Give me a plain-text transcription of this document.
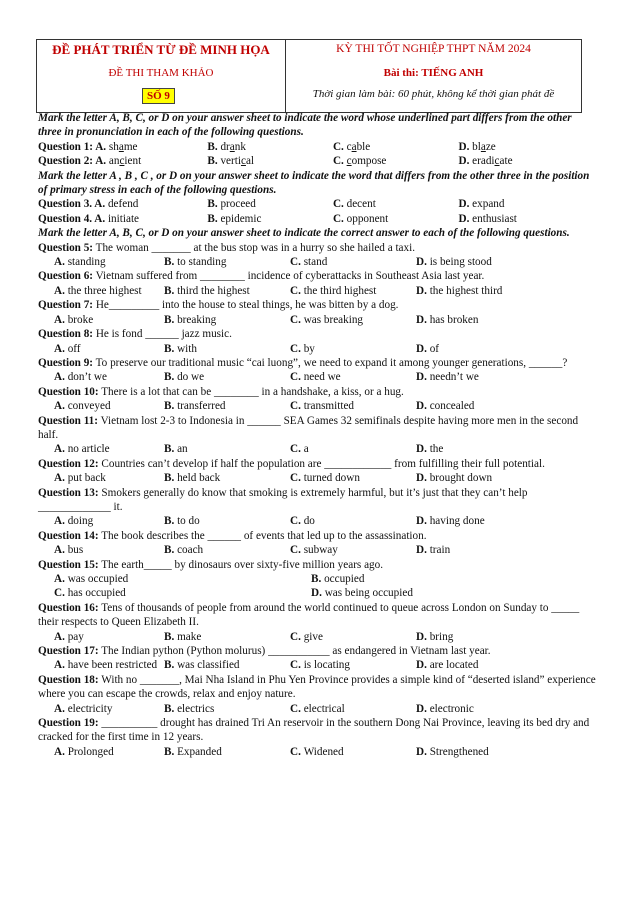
ĐỀ PHÁT TRIỂN TỪ ĐỀ MINH HỌA
ĐỀ THI THAM KHẢO
SỐ 9
KỲ THI TỐT NGHIỆP THPT NĂM 2024
Bài thi: TIẾNG ANH
Thời gian làm bài: 60 phút, không kể thời gian phát đề
Mark the letter A, B, C, or D on your answer sheet to indicate the word whose underlined part differs from the other three in pronunciation in each of the following questions.
Question 1: A. shame	B. drank	C. cable	D. blaze
Question 2: A. ancient	B. vertical	C. compose	D. eradicate
Mark the letter A , B , C , or D on your answer sheet to indicate the word that differs from the other three in the position of primary stress in each of the following questions.
Question 3. A. defend	B. proceed	C. decent	D. expand
Question 4. A. initiate	B. epidemic	C. opponent	D. enthusiast
Mark the letter A, B, C, or D on your answer sheet to indicate the correct answer to each of the following questions.
Question 5: The woman _______ at the bus stop was in a hurry so she hailed a taxi.
A. standing	B. to standing	C. stand	D. is being stood
Question 6: Vietnam suffered from ________ incidence of cyberattacks in Southeast Asia last year.
A. the three highest	B. third the highest	C. the third highest	D. the highest third
Question 7: He_________ into the house to steal things, he was bitten by a dog.
A. broke	B. breaking	C. was breaking	D. has broken
Question 8: He is fond ______ jazz music.
A. off	B. with	C. by	D. of
Question 9: To preserve our traditional music “cai luong”, we need to expand it among younger generations, ______?
A. don’t we	B. do we	C. need we	D. needn’t we
Question 10: There is a lot that can be ________ in a handshake, a kiss, or a hug.
A. conveyed	B. transferred	C. transmitted	D. concealed
Question 11: Vietnam lost 2-3 to Indonesia in ______ SEA Games 32 semifinals despite having more men in the second half.
A. no article	B. an	C. a	D. the
Question 12: Countries can’t develop if half the population are ____________ from fulfilling their full potential.
A. put back	B. held back	C. turned down	D. brought down
Question 13: Smokers generally do know that smoking is extremely harmful, but it’s just that they can’t help _____________ it.
A. doing	B. to do	C. do	D. having done
Question 14: The book describes the ______ of events that led up to the assassination.
A. bus	B. coach	C. subway	D. train
Question 15: The earth_____ by dinosaurs over sixty-five million years ago.
A. was occupied	B. occupied
C. has occupied	D. was being occupied
Question 16: Tens of thousands of people from around the world continued to queue across London on Sunday to _____ their respects to Queen Elizabeth II.
A. pay	B. make	C. give	D. bring
Question 17: The Indian python (Python molurus) ___________ as endangered in Vietnam last year.
A. have been restricted B. was classified	C. is locating	D. are located
Question 18: With no _______, Mai Nha Island in Phu Yen Province provides a simple kind of “deserted island” experience where you can escape the crowds, relax and enjoy nature.
A. electricity	B. electrics	C. electrical	D. electronic
Question 19: __________ drought has drained Tri An reservoir in the southern Dong Nai Province, leaving its bed dry and cracked for the first time in 12 years.
A. Prolonged	B. Expanded	C. Widened	D. Strengthened
